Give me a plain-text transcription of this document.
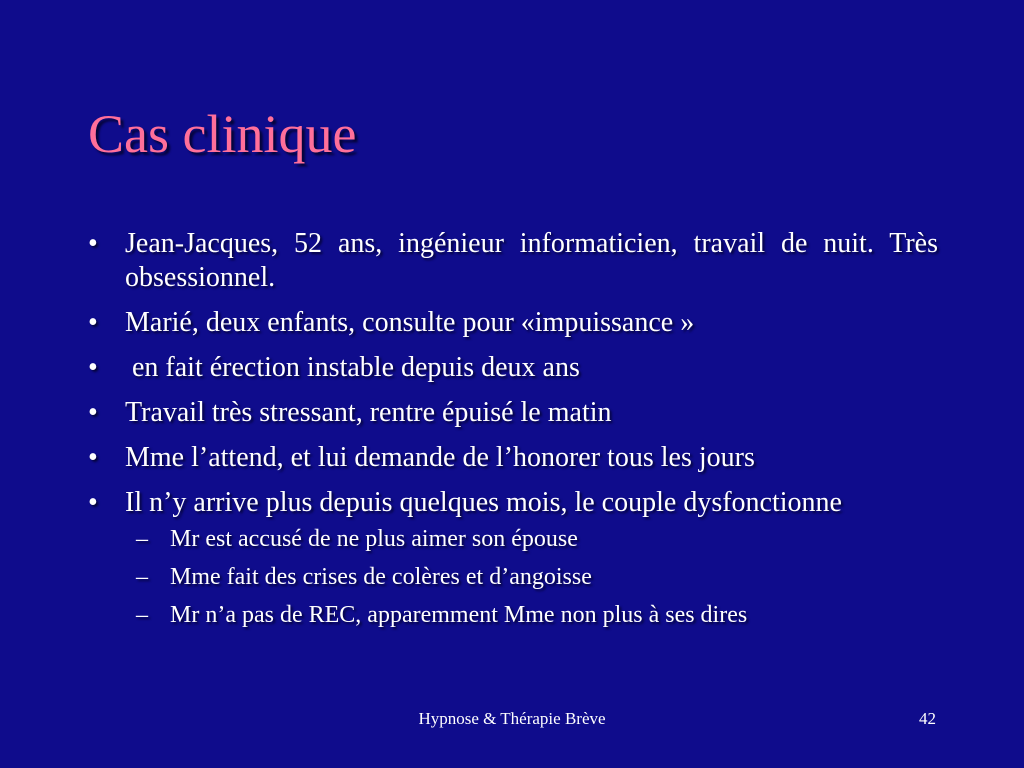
Cas clinique
• Jean-Jacques, 52 ans, ingénieur informaticien, travail de nuit. Très obsessionnel.
• Marié, deux enfants, consulte pour «impuissance »
• en fait érection instable depuis deux ans
• Travail très stressant, rentre épuisé le matin
• Mme l’attend, et lui demande de l’honorer tous les jours
• Il n’y arrive plus depuis quelques mois, le couple dysfonctionne
– Mr est accusé de ne plus aimer son épouse
– Mme fait des crises de colères et d’angoisse
– Mr n’a pas de REC, apparemment Mme non plus à ses dires
Hypnose & Thérapie Brève	42
